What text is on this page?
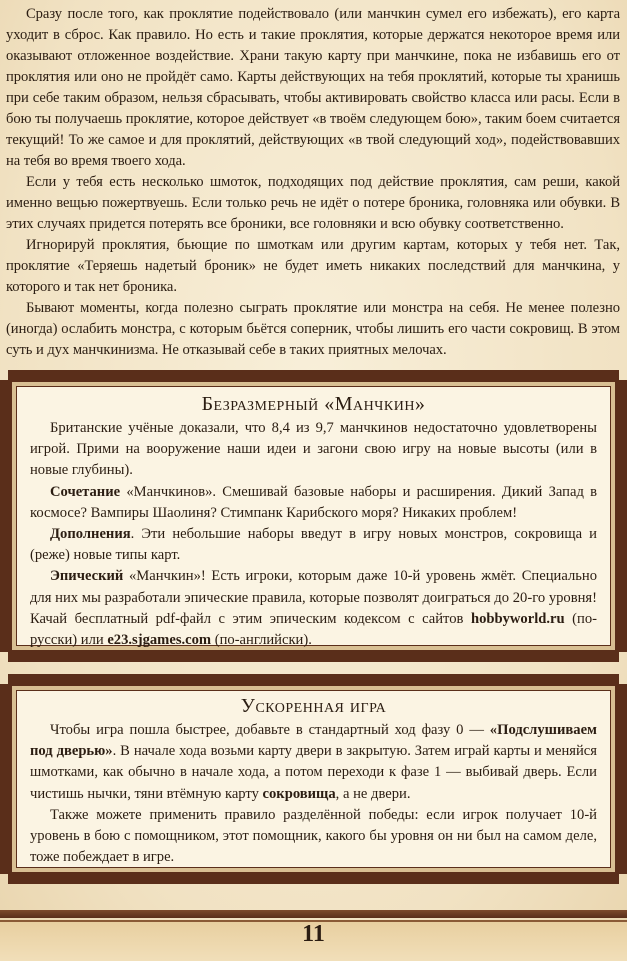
Сразу после того, как проклятие подействовало (или манчкин сумел его избежать), его карта уходит в сброс. Как правило. Но есть и такие проклятия, которые держатся некоторое время или оказывают отложенное воздействие. Храни такую карту при манчкине, пока не избавишь его от проклятия или оно не пройдёт само. Карты действующих на тебя проклятий, которые ты хранишь при себе таким образом, нельзя сбрасывать, чтобы активировать свойство класса или расы. Если в бою ты получаешь проклятие, которое действует «в твоём следующем бою», таким боем считается текущий! То же самое и для проклятий, действующих «в твой следующий ход», подействовавших на тебя во время твоего хода.

Если у тебя есть несколько шмоток, подходящих под действие проклятия, сам реши, какой именно вещью пожертвуешь. Если только речь не идёт о потере броника, головняка или обувки. В этих случаях придется потерять все броники, все головняки и всю обувку соответственно.

Игнорируй проклятия, бьющие по шмоткам или другим картам, которых у тебя нет. Так, проклятие «Теряешь надетый броник» не будет иметь никаких последствий для манчкина, у которого и так нет броника.

Бывают моменты, когда полезно сыграть проклятие или монстра на себя. Не менее полезно (иногда) ослабить монстра, с которым бьётся соперник, чтобы лишить его части сокровищ. В этом суть и дух манчкинизма. Не отказывай себе в таких приятных мелочах.

Безразмерный «Манчкин»

Британские учёные доказали, что 8,4 из 9,7 манчкинов недостаточно удовлетворены игрой. Прими на вооружение наши идеи и загони свою игру на новые высоты (или в новые глубины).

Сочетание «Манчкинов». Смешивай базовые наборы и расширения. Дикий Запад в космосе? Вампиры Шаолиня? Стимпанк Карибского моря? Никаких проблем!

Дополнения. Эти небольшие наборы введут в игру новых монстров, сокровища и (реже) новые типы карт.

Эпический «Манчкин»! Есть игроки, которым даже 10-й уровень жмёт. Специально для них мы разработали эпические правила, которые позволят доиграться до 20-го уровня! Качай бесплатный pdf-файл с этим эпическим кодексом с сайтов hobbyworld.ru (по-русски) или e23.sjgames.com (по-английски).

Ускоренная игра

Чтобы игра пошла быстрее, добавьте в стандартный ход фазу 0 — «Подслушивaем под дверью». В начале хода возьми карту двери в закрытую. Затем играй карты и меняйся шмотками, как обычно в начале хода, а потом переходи к фазе 1 — выбивай дверь. Если чистишь нычки, тяни втёмную карту сокровища, а не двери.

Также можете применить правило разделённой победы: если игрок получает 10-й уровень в бою с помощником, этот помощник, какого бы уровня он ни был на самом деле, тоже побеждает в игре.

11
